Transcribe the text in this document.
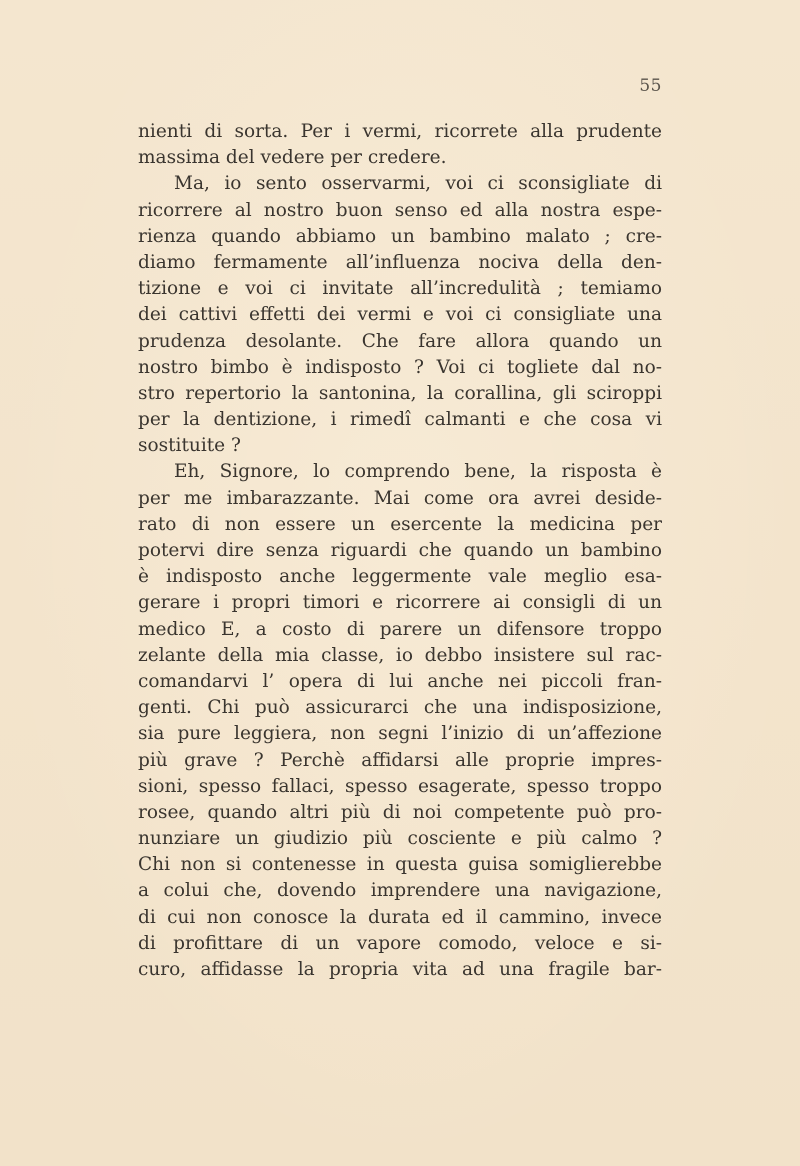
55
nienti di sorta. Per i vermi, ricorrete alla prudente
massima del vedere per credere.
Ma, io sento osservarmi, voi ci sconsigliate di
ricorrere al nostro buon senso ed alla nostra espe-
rienza quando abbiamo un bambino malato ; cre-
diamo fermamente all’influenza nociva della den-
tizione e voi ci invitate all’incredulità ; temiamo
dei cattivi effetti dei vermi e voi ci consigliate una
prudenza desolante. Che fare allora quando un
nostro bimbo è indisposto ? Voi ci togliete dal no-
stro repertorio la santonina, la corallina, gli sciroppi
per la dentizione, i rimedî calmanti e che cosa vi
sostituite ?
Eh, Signore, lo comprendo bene, la risposta è
per me imbarazzante. Mai come ora avrei deside-
rato di non essere un esercente la medicina per
potervi dire senza riguardi che quando un bambino
è indisposto anche leggermente vale meglio esa-
gerare i propri timori e ricorrere ai consigli di un
medico E, a costo di parere un difensore troppo
zelante della mia classe, io debbo insistere sul rac-
comandarvi l’ opera di lui anche nei piccoli fran-
genti. Chi può assicurarci che una indisposizione,
sia pure leggiera, non segni l’inizio di un’affezione
più grave ? Perchè affidarsi alle proprie impres-
sioni, spesso fallaci, spesso esagerate, spesso troppo
rosee, quando altri più di noi competente può pro-
nunziare un giudizio più cosciente e più calmo ?
Chi non si contenesse in questa guisa somiglierebbe
a colui che, dovendo imprendere una navigazione,
di cui non conosce la durata ed il cammino, invece
di profittare di un vapore comodo, veloce e si-
curo, affidasse la propria vita ad una fragile bar-
